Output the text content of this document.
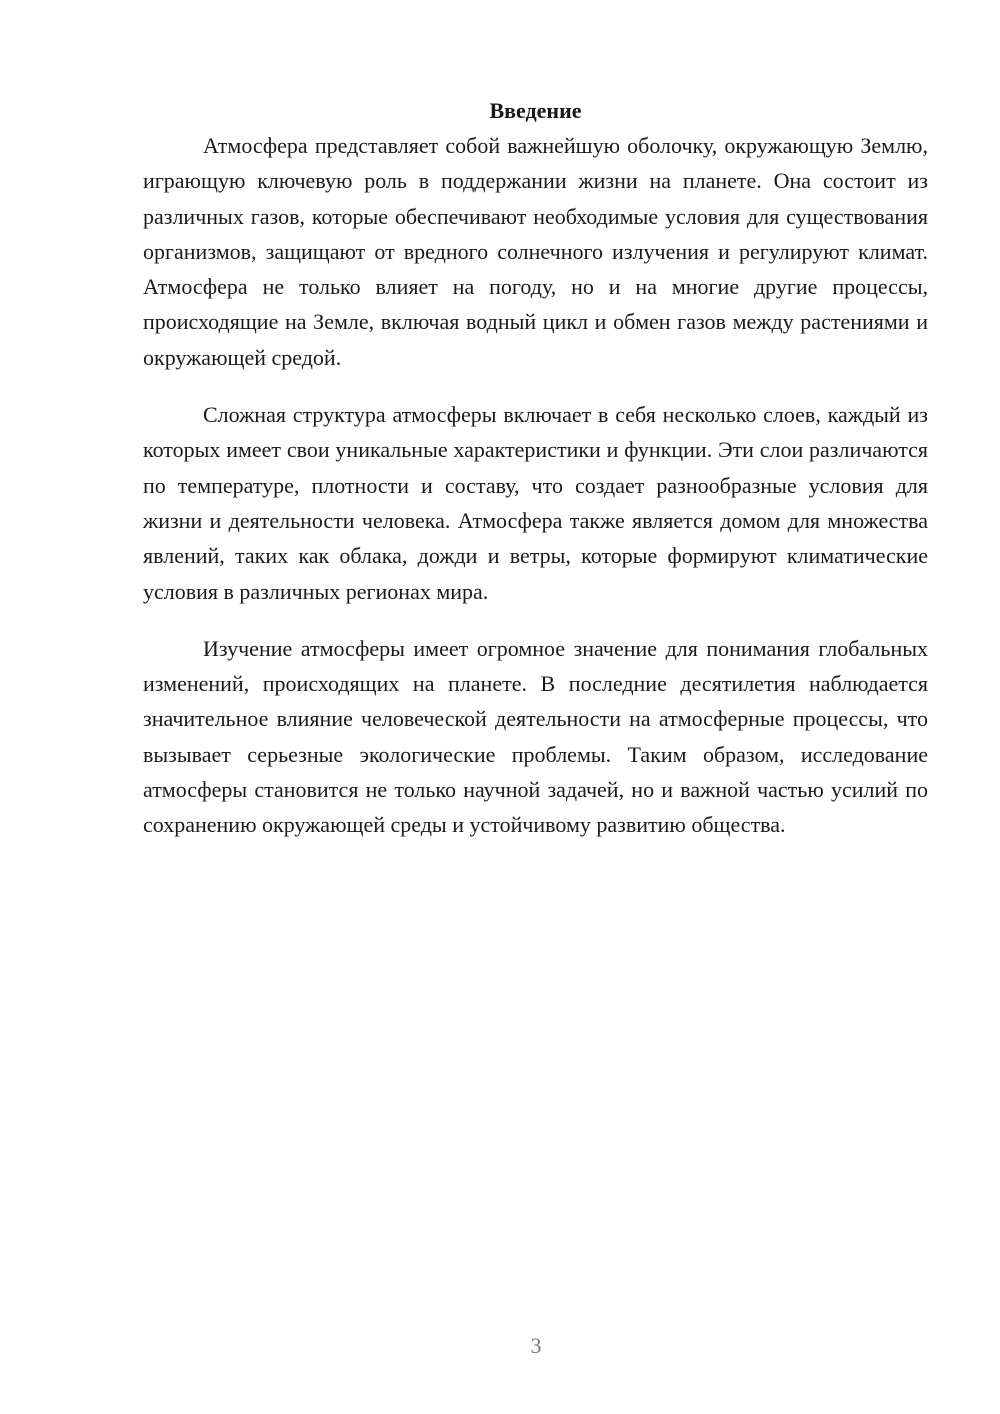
Введение

Атмосфера представляет собой важнейшую оболочку, окружающую Землю, играющую ключевую роль в поддержании жизни на планете. Она состоит из различных газов, которые обеспечивают необходимые условия для существования организмов, защищают от вредного солнечного излучения и регулируют климат. Атмосфера не только влияет на погоду, но и на многие другие процессы, происходящие на Земле, включая водный цикл и обмен газов между растениями и окружающей средой.

Сложная структура атмосферы включает в себя несколько слоев, каждый из которых имеет свои уникальные характеристики и функции. Эти слои различаются по температуре, плотности и составу, что создает разнообразные условия для жизни и деятельности человека. Атмосфера также является домом для множества явлений, таких как облака, дожди и ветры, которые формируют климатические условия в различных регионах мира.

Изучение атмосферы имеет огромное значение для понимания глобальных изменений, происходящих на планете. В последние десятилетия наблюдается значительное влияние человеческой деятельности на атмосферные процессы, что вызывает серьезные экологические проблемы. Таким образом, исследование атмосферы становится не только научной задачей, но и важной частью усилий по сохранению окружающей среды и устойчивому развитию общества.

3
